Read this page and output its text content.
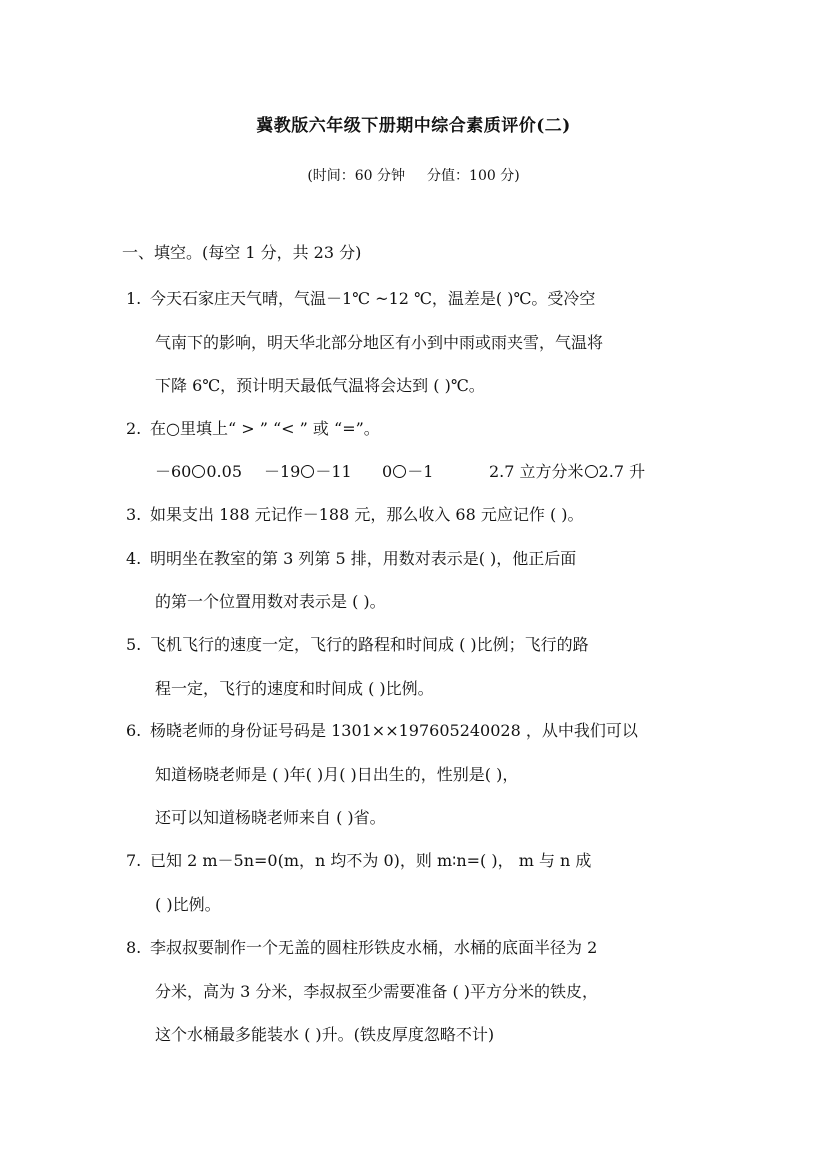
冀教版六年级下册期中综合素质评价(二)
(时间：60 分钟 分值：100 分)
一、填空。(每空 1 分，共 23 分)
1. 今天石家庄天气晴，气温－1℃ ~12 ℃，温差是( )℃。受冷空
气南下的影响，明天华北部分地区有小到中雨或雨夹雪，气温将
下降 6℃，预计明天最低气温将会达到 ( )℃。
2. 在○里填上“ > ” “< ” 或 “=”。
－60 0.05 －19 －11 0 －1	2.7 立方分米 2.7 升
3. 如果支出 188 元记作－188 元，那么收入 68 元应记作 ( )。
4. 明明坐在教室的第 3 列第 5 排，用数对表示是( )，他正后面
的第一个位置用数对表示是 ( )。
5. 飞机飞行的速度一定，飞行的路程和时间成 ( )比例；飞行的路
程一定，飞行的速度和时间成 ( )比例。
6. 杨晓老师的身份证号码是 1301××197605240028 ，从中我们可以
知道杨晓老师是 ( )年( )月( )日出生的，性别是( )，
还可以知道杨晓老师来自 ( )省。
7. 已知 2 m－5n=0(m，n 均不为 0)，则 m∶n=( )， m 与 n 成
( )比例。
8. 李叔叔要制作一个无盖的圆柱形铁皮水桶，水桶的底面半径为 2
分米，高为 3 分米，李叔叔至少需要准备 ( )平方分米的铁皮，
这个水桶最多能装水 ( )升。(铁皮厚度忽略不计)
